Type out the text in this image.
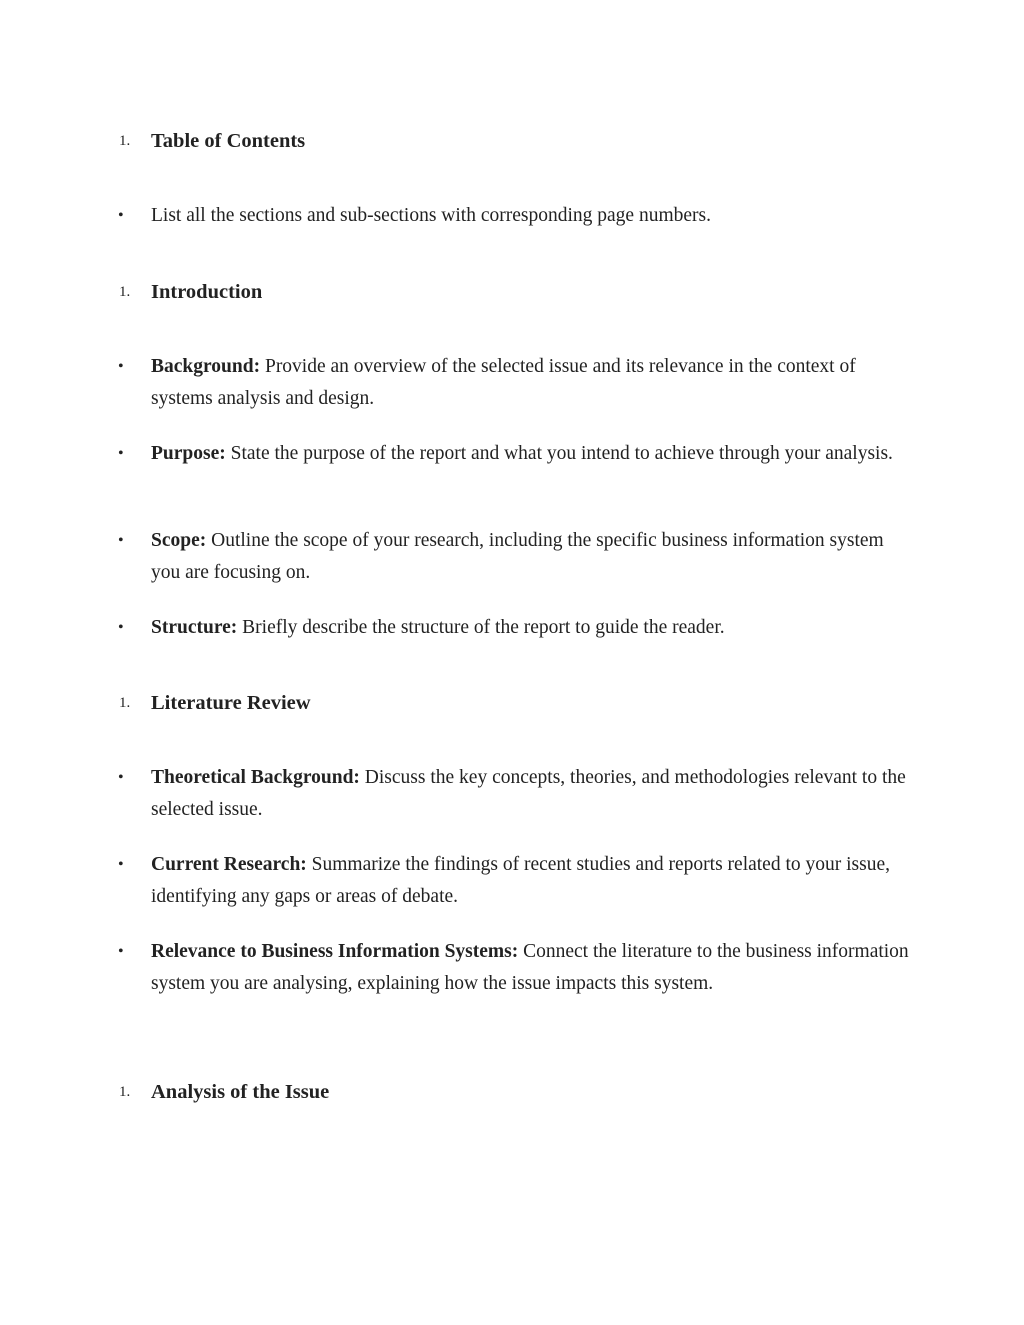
1. Table of Contents
• List all the sections and sub-sections with corresponding page numbers.
1. Introduction
• Background: Provide an overview of the selected issue and its relevance in the context of systems analysis and design.
• Purpose: State the purpose of the report and what you intend to achieve through your analysis.
• Scope: Outline the scope of your research, including the specific business information system you are focusing on.
• Structure: Briefly describe the structure of the report to guide the reader.
1. Literature Review
• Theoretical Background: Discuss the key concepts, theories, and methodologies relevant to the selected issue.
• Current Research: Summarize the findings of recent studies and reports related to your issue, identifying any gaps or areas of debate.
• Relevance to Business Information Systems: Connect the literature to the business information system you are analysing, explaining how the issue impacts this system.
1. Analysis of the Issue
